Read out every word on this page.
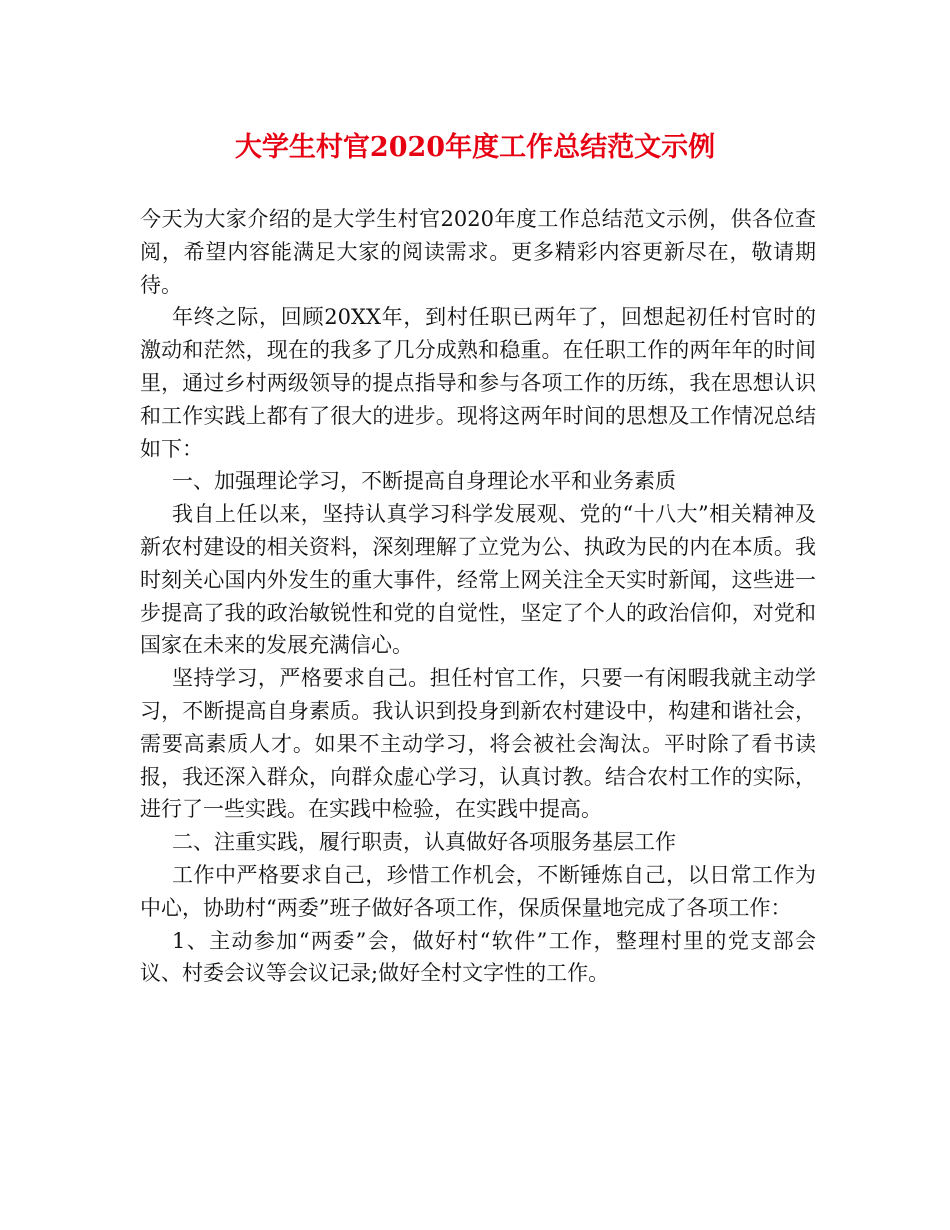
大学生村官2020年度工作总结范文示例

今天为大家介绍的是大学生村官2020年度工作总结范文示例，供各位查阅，希望内容能满足大家的阅读需求。更多精彩内容更新尽在，敬请期待。

年终之际，回顾20XX年，到村任职已两年了，回想起初任村官时的激动和茫然，现在的我多了几分成熟和稳重。在任职工作的两年年的时间里，通过乡村两级领导的提点指导和参与各项工作的历练，我在思想认识和工作实践上都有了很大的进步。现将这两年时间的思想及工作情况总结如下：

一、加强理论学习，不断提高自身理论水平和业务素质

我自上任以来，坚持认真学习科学发展观、党的“十八大”相关精神及新农村建设的相关资料，深刻理解了立党为公、执政为民的内在本质。我时刻关心国内外发生的重大事件，经常上网关注全天实时新闻，这些进一步提高了我的政治敏锐性和党的自觉性，坚定了个人的政治信仰，对党和国家在未来的发展充满信心。

坚持学习，严格要求自己。担任村官工作，只要一有闲暇我就主动学习，不断提高自身素质。我认识到投身到新农村建设中，构建和谐社会，需要高素质人才。如果不主动学习，将会被社会淘汰。平时除了看书读报，我还深入群众，向群众虚心学习，认真讨教。结合农村工作的实际，进行了一些实践。在实践中检验，在实践中提高。

二、注重实践，履行职责，认真做好各项服务基层工作

工作中严格要求自己，珍惜工作机会，不断锤炼自己，以日常工作为中心，协助村“两委”班子做好各项工作，保质保量地完成了各项工作：

1、主动参加“两委”会，做好村“软件”工作，整理村里的党支部会议、村委会议等会议记录;做好全村文字性的工作。
